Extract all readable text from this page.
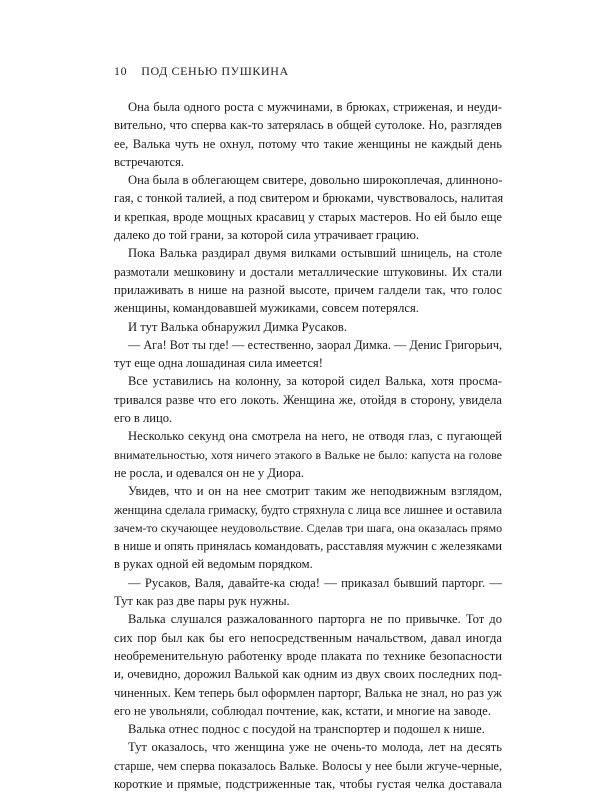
10 ПОД СЕНЬЮ ПУШКИНА
Она была одного роста с мужчинами, в брюках, стриженая, и неуди-
вительно, что сперва как-то затерялась в общей сутолоке. Но, разглядев
ее, Валька чуть не охнул, потому что такие женщины не каждый день
встречаются.
Она была в облегающем свитере, довольно широкоплечая, длинноно-
гая, с тонкой талией, а под свитером и брюками, чувствовалось, налитая
и крепкая, вроде мощных красавиц у старых мастеров. Но ей было еще
далеко до той грани, за которой сила утрачивает грацию.
Пока Валька раздирал двумя вилками остывший шницель, на столе
размотали мешковину и достали металлические штуковины. Их стали
прилаживать в нише на разной высоте, причем галдели так, что голос
женщины, командовавшей мужиками, совсем потерялся.
И тут Валька обнаружил Димка Русаков.
— Ага! Вот ты где! — естественно, заорал Димка. — Денис Григорьич,
тут еще одна лошадиная сила имеется!
Все уставились на колонну, за которой сидел Валька, хотя просма-
тривался разве что его локоть. Женщина же, отойдя в сторону, увидела
его в лицо.
Несколько секунд она смотрела на него, не отводя глаз, с пугающей
внимательностью, хотя ничего этакого в Вальке не было: капуста на голове
не росла, и одевался он не у Диора.
Увидев, что и он на нее смотрит таким же неподвижным взглядом,
женщина сделала гримаску, будто стряхнула с лица все лишнее и оставила
зачем-то скучающее неудовольствие. Сделав три шага, она оказалась прямо
в нише и опять принялась командовать, расставляя мужчин с железяками
в руках одной ей ведомым порядком.
— Русаков, Валя, давайте-ка сюда! — приказал бывший парторг. —
Тут как раз две пары рук нужны.
Валька слушался разжалованного парторга не по привычке. Тот до
сих пор был как бы его непосредственным начальством, давал иногда
необременительную работенку вроде плаката по технике безопасности
и, очевидно, дорожил Валькой как одним из двух своих последних под-
чиненных. Кем теперь был оформлен парторг, Валька не знал, но раз уж
его не увольняли, соблюдал почтение, как, кстати, и многие на заводе.
Валька отнес поднос с посудой на транспортер и подошел к нише.
Тут оказалось, что женщина уже не очень-то молода, лет на десять
старше, чем сперва показалось Вальке. Волосы у нее были жгуче-черные,
короткие и прямые, подстриженные так, чтобы густая челка доставала
